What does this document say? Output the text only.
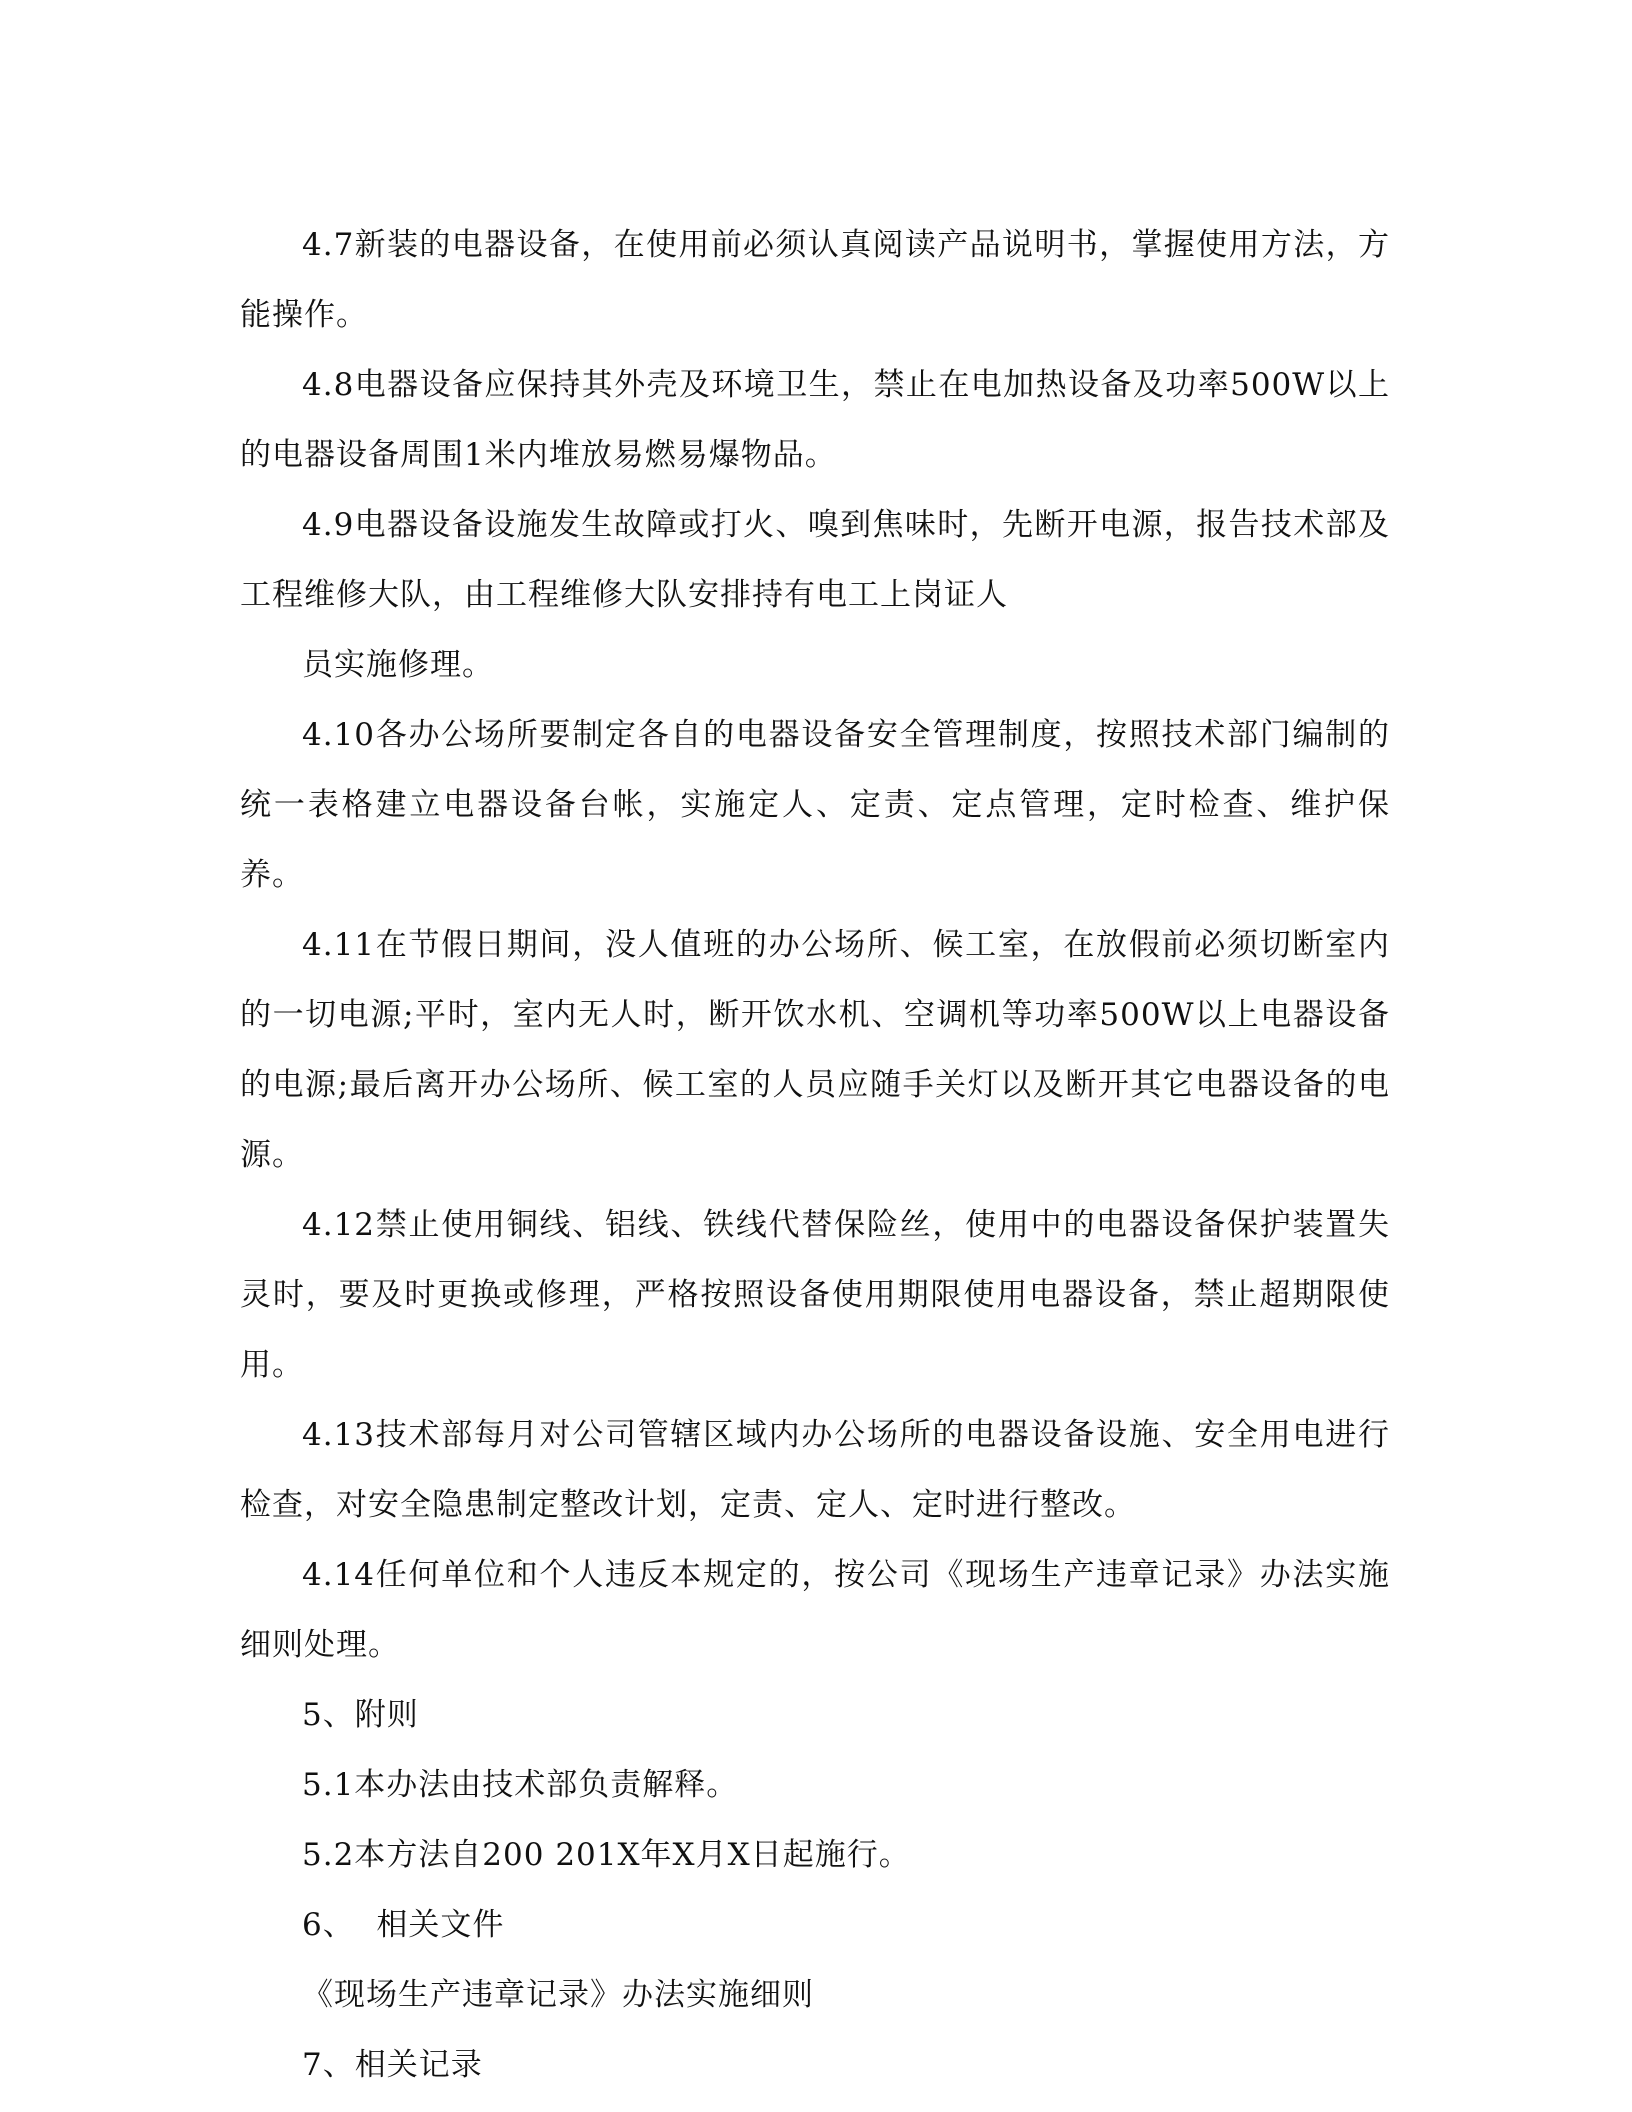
4.7新装的电器设备，在使用前必须认真阅读产品说明书，掌握使用方法，方能操作。

4.8电器设备应保持其外壳及环境卫生，禁止在电加热设备及功率500W以上的电器设备周围1米内堆放易燃易爆物品。

4.9电器设备设施发生故障或打火、嗅到焦味时，先断开电源，报告技术部及工程维修大队，由工程维修大队安排持有电工上岗证人

员实施修理。

4.10各办公场所要制定各自的电器设备安全管理制度，按照技术部门编制的统一表格建立电器设备台帐，实施定人、定责、定点管理，定时检查、维护保养。

4.11在节假日期间，没人值班的办公场所、候工室，在放假前必须切断室内的一切电源;平时，室内无人时，断开饮水机、空调机等功率500W以上电器设备的电源;最后离开办公场所、候工室的人员应随手关灯以及断开其它电器设备的电源。

4.12禁止使用铜线、铝线、铁线代替保险丝，使用中的电器设备保护装置失灵时，要及时更换或修理，严格按照设备使用期限使用电器设备，禁止超期限使用。

4.13技术部每月对公司管辖区域内办公场所的电器设备设施、安全用电进行检查，对安全隐患制定整改计划，定责、定人、定时进行整改。

4.14任何单位和个人违反本规定的，按公司《现场生产违章记录》办法实施细则处理。

5、附则

5.1本办法由技术部负责解释。

5.2本方法自200 201X年X月X日起施行。

6、  相关文件

《现场生产违章记录》办法实施细则

7、相关记录
